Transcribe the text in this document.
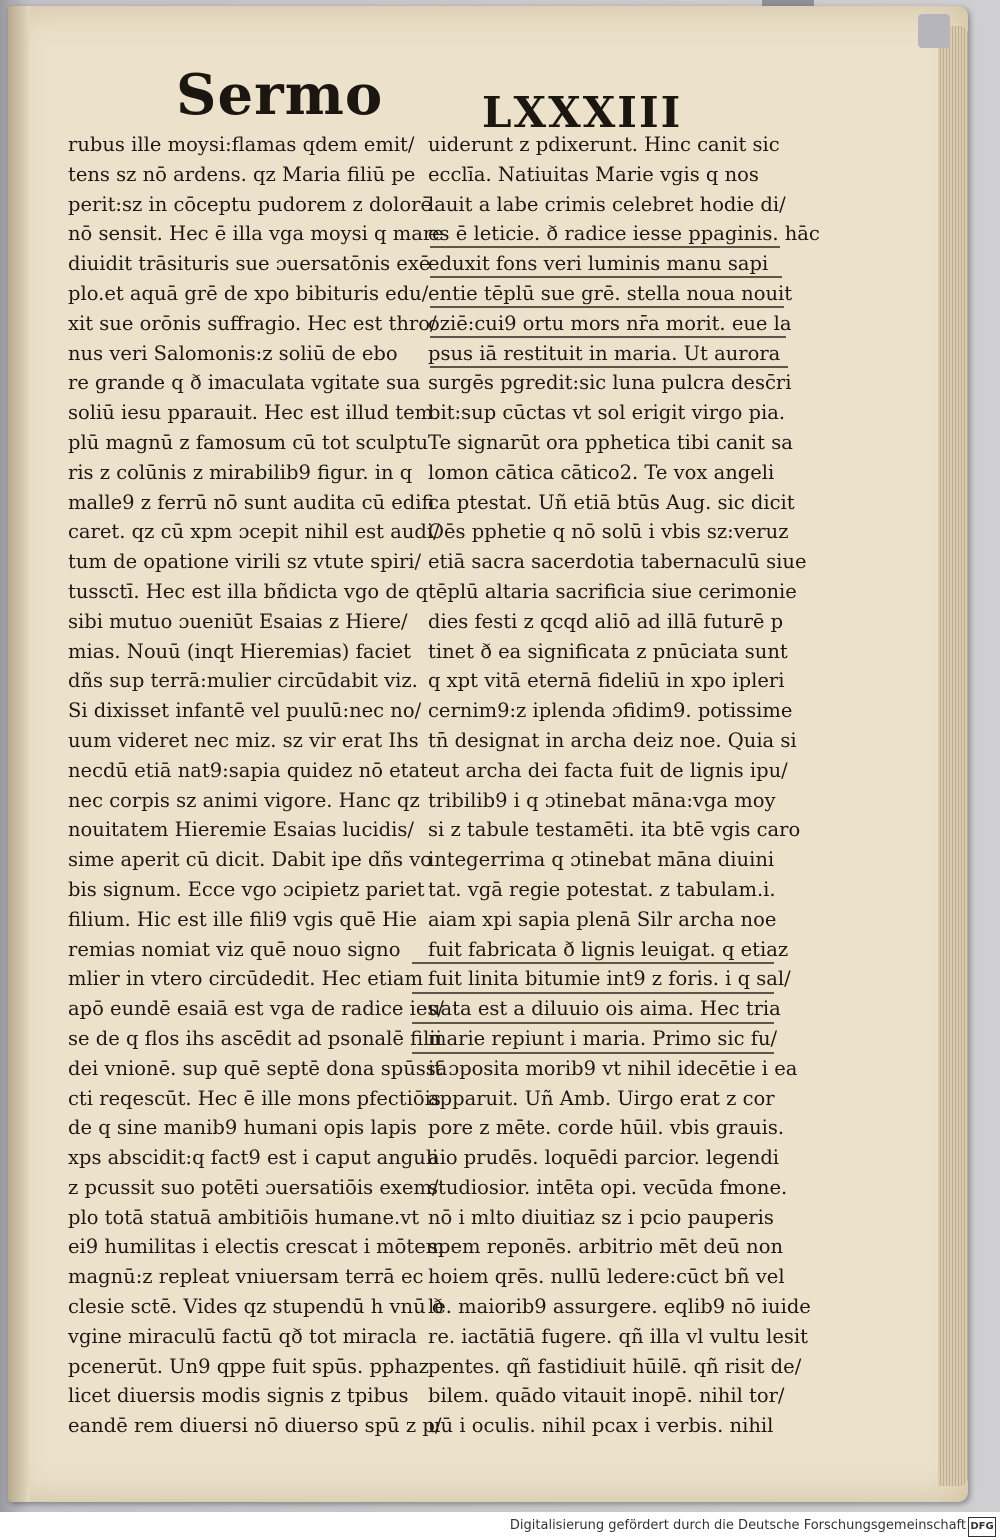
Sermo LXXXIII
rubus ille moysi:flamas qdem emit/
tens sz nō ardens. qz Maria filiū pe
perit:sz in cōceptu pudorem z dolorē
nō sensit. Hec ē illa vga moysi q mare
diuidit trāsituris sue ɔuersatōnis exē
plo.et aquā grē de xpo bibituris edu/
xit sue orōnis suffragio. Hec est thro/
nus veri Salomonis:z soliū de ebo
re grande q ð imaculata vgitate sua
soliū iesu pparauit. Hec est illud tem
plū magnū z famosum cū tot sculptu
ris z colūnis z mirabilib9 figur. in q
malle9 z ferrū nō sunt audita cū edifi
caret. qz cū xpm ɔcepit nihil est audi/
tum de opatione virili sz vtute spiri/
tussctī. Hec est illa bñdicta vgo de q
sibi mutuo ɔueniūt Esaias z Hiere/
mias. Nouū (inqt Hieremias) faciet
dñs sup terrā:mulier circūdabit viz.
Si dixisset infantē vel puulū:nec no/
uum videret nec miz. sz vir erat Ihs
necdū etiā nat9:sapia quidez nō etate
nec corpis sz animi vigore. Hanc qz
nouitatem Hieremie Esaias lucidis/
sime aperit cū dicit. Dabit ipe dñs vo
bis signum. Ecce vgo ɔcipietz pariet
filium. Hic est ille fili9 vgis quē Hie
remias nomiat viz quē nouo signo
mlier in vtero circūdedit. Hec etiam
apō eundē esaiā est vga de radice ies/
se de q flos ihs ascēdit ad psonalē filii
dei vnionē. sup quē septē dona spūssā
cti reqescūt. Hec ē ille mons pfectiōis
de q sine manib9 humani opis lapis
xps abscidit:q fact9 est i caput anguli
z pcussit suo potēti ɔuersatiōis exem/
plo totā statuā ambitiōis humane.vt
ei9 humilitas i electis crescat i mōtem
magnū:z repleat vniuersam terrā ec
clesie sctē. Vides qz stupendū h vnū ð
vgine miraculū factū qð tot miracla
pcenerūt. Un9 qppe fuit spūs. pphaz
licet diuersis modis signis z tpibus
eandē rem diuersi nō diuerso spū z p/
uiderunt z pdixerunt. Hinc canit sic
ecclīa. Natiuitas Marie vgis q nos
lauit a labe crimis celebret hodie di/
es ē leticie. ð radice iesse ppaginis. hāc
eduxit fons veri luminis manu sapi
entie tēplū sue grē. stella noua nouit
oziē:cui9 ortu mors nr̄a morit. eue la
psus iā restituit in maria. Ut aurora
surgēs pgredit:sic luna pulcra desc̄ri
bit:sup cūctas vt sol erigit virgo pia.
Te signarūt ora pphetica tibi canit sa
lomon cātica cātico2. Te vox angeli
ca ptestat. Uñ etiā btūs Aug. sic dicit
Oēs pphetie q nō solū i vbis sz:veruz
etiā sacra sacerdotia tabernaculū siue
tēplū altaria sacrificia siue cerimonie
dies festi z qcqd aliō ad illā futurē p
tinet ð ea significata z pnūciata sunt
q xpt vitā eternā fideliū in xpo ipleri
cernim9:z iplenda ɔfidim9. potissime
tn̄ designat in archa deiz noe. Quia si
cut archa dei facta fuit de lignis ipu/
tribilib9 i q ɔtinebat māna:vga moy
si z tabule testamēti. ita btē vgis caro
integerrima q ɔtinebat māna diuini
tat. vgā regie potestat. z tabulam.i.
aiam xpi sapia plenā Silr archa noe
fuit fabricata ð lignis leuigat. q etiaz
fuit linita bitumie int9 z foris. i q sal/
uata est a diluuio ois aima. Hec tria
marie repiunt i maria. Primo sic fu/
it ɔposita morib9 vt nihil idecētie i ea
apparuit. Uñ Amb. Uirgo erat z cor
pore z mēte. corde hūil. vbis grauis.
aio prudēs. loquēdi parcior. legendi
studiosior. intēta opi. vecūda fmone.
nō i mlto diuitiaz sz i pcio pauperis
spem reponēs. arbitrio mēt deū non
hoiem qrēs. nullū ledere:cūct bñ vel
le. maiorib9 assurgere. eqlib9 nō iuide
re. iactātiā fugere. qñ illa vl vultu lesit
pentes. qñ fastidiuit hūilē. qñ risit de/
bilem. quādo vitauit inopē. nihil tor/
uū i oculis. nihil pcax i verbis. nihil
Digitalisierung gefördert durch die Deutsche Forschungsgemeinschaft DFG
